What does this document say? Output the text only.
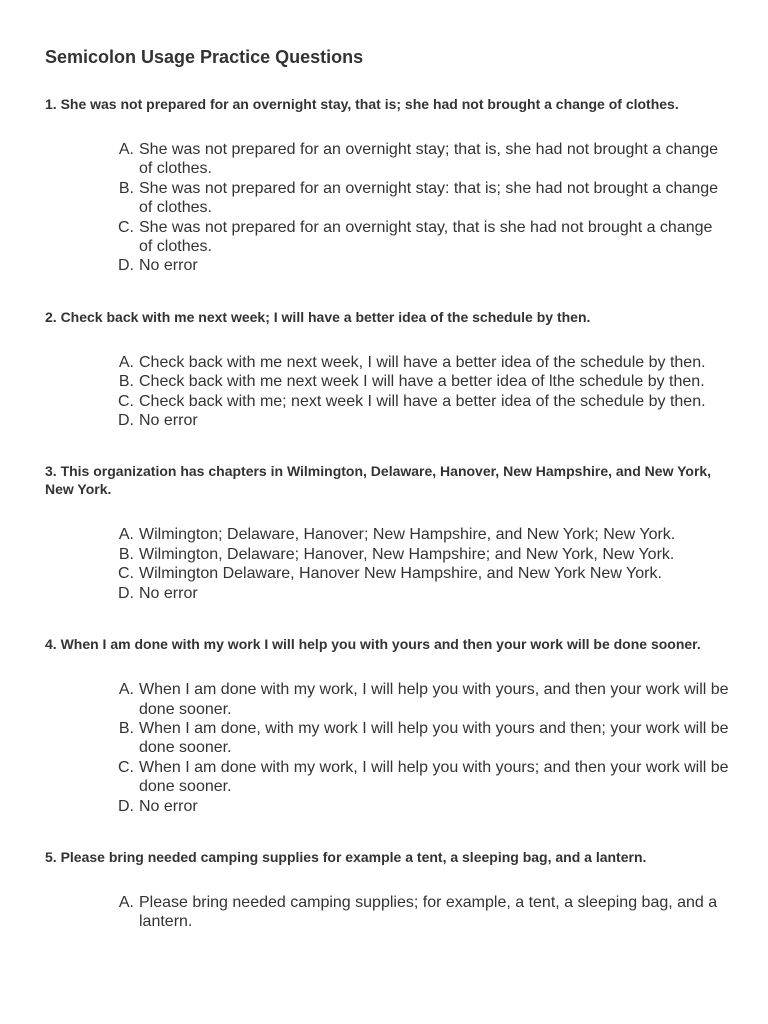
Semicolon Usage Practice Questions

1. She was not prepared for an overnight stay, that is; she had not brought a change of clothes.

A. She was not prepared for an overnight stay; that is, she had not brought a change of clothes.
B. She was not prepared for an overnight stay: that is; she had not brought a change of clothes.
C. She was not prepared for an overnight stay, that is she had not brought a change of clothes.
D. No error

2. Check back with me next week; I will have a better idea of the schedule by then.

A. Check back with me next week, I will have a better idea of the schedule by then.
B. Check back with me next week I will have a better idea of lthe schedule by then.
C. Check back with me; next week I will have a better idea of the schedule by then.
D. No error

3. This organization has chapters in Wilmington, Delaware, Hanover, New Hampshire, and New York, New York.

A. Wilmington; Delaware, Hanover; New Hampshire, and New York; New York.
B. Wilmington, Delaware; Hanover, New Hampshire; and New York, New York.
C. Wilmington Delaware, Hanover New Hampshire, and New York New York.
D. No error

4. When I am done with my work I will help you with yours and then your work will be done sooner.

A. When I am done with my work, I will help you with yours, and then your work will be done sooner.
B. When I am done, with my work I will help you with yours and then; your work will be done sooner.
C. When I am done with my work, I will help you with yours; and then your work will be done sooner.
D. No error

5. Please bring needed camping supplies for example a tent, a sleeping bag, and a lantern.

A. Please bring needed camping supplies; for example, a tent, a sleeping bag, and a lantern.
